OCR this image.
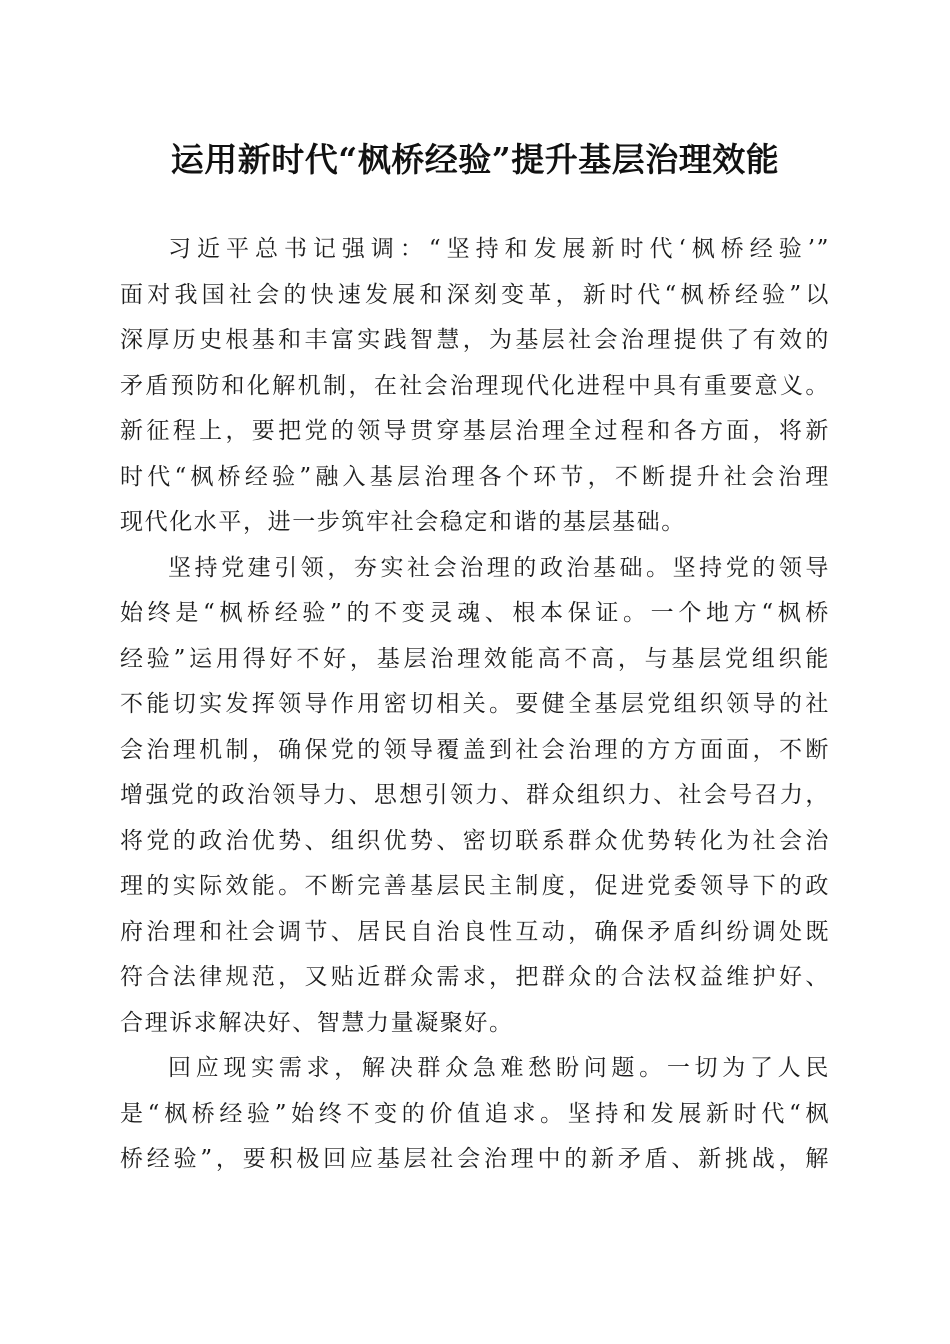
运用新时代“枫桥经验”提升基层治理效能
习近平总书记强调：“坚持和发展新时代‘枫桥经验’”
面对我国社会的快速发展和深刻变革，新时代“枫桥经验”以
深厚历史根基和丰富实践智慧，为基层社会治理提供了有效的
矛盾预防和化解机制，在社会治理现代化进程中具有重要意义。
新征程上，要把党的领导贯穿基层治理全过程和各方面，将新
时代“枫桥经验”融入基层治理各个环节，不断提升社会治理
现代化水平，进一步筑牢社会稳定和谐的基层基础。
坚持党建引领，夯实社会治理的政治基础。坚持党的领导
始终是“枫桥经验”的不变灵魂、根本保证。一个地方“枫桥
经验”运用得好不好，基层治理效能高不高，与基层党组织能
不能切实发挥领导作用密切相关。要健全基层党组织领导的社
会治理机制，确保党的领导覆盖到社会治理的方方面面，不断
增强党的政治领导力、思想引领力、群众组织力、社会号召力，
将党的政治优势、组织优势、密切联系群众优势转化为社会治
理的实际效能。不断完善基层民主制度，促进党委领导下的政
府治理和社会调节、居民自治良性互动，确保矛盾纠纷调处既
符合法律规范，又贴近群众需求，把群众的合法权益维护好、
合理诉求解决好、智慧力量凝聚好。
回应现实需求，解决群众急难愁盼问题。一切为了人民
是“枫桥经验”始终不变的价值追求。坚持和发展新时代“枫
桥经验”，要积极回应基层社会治理中的新矛盾、新挑战，解
